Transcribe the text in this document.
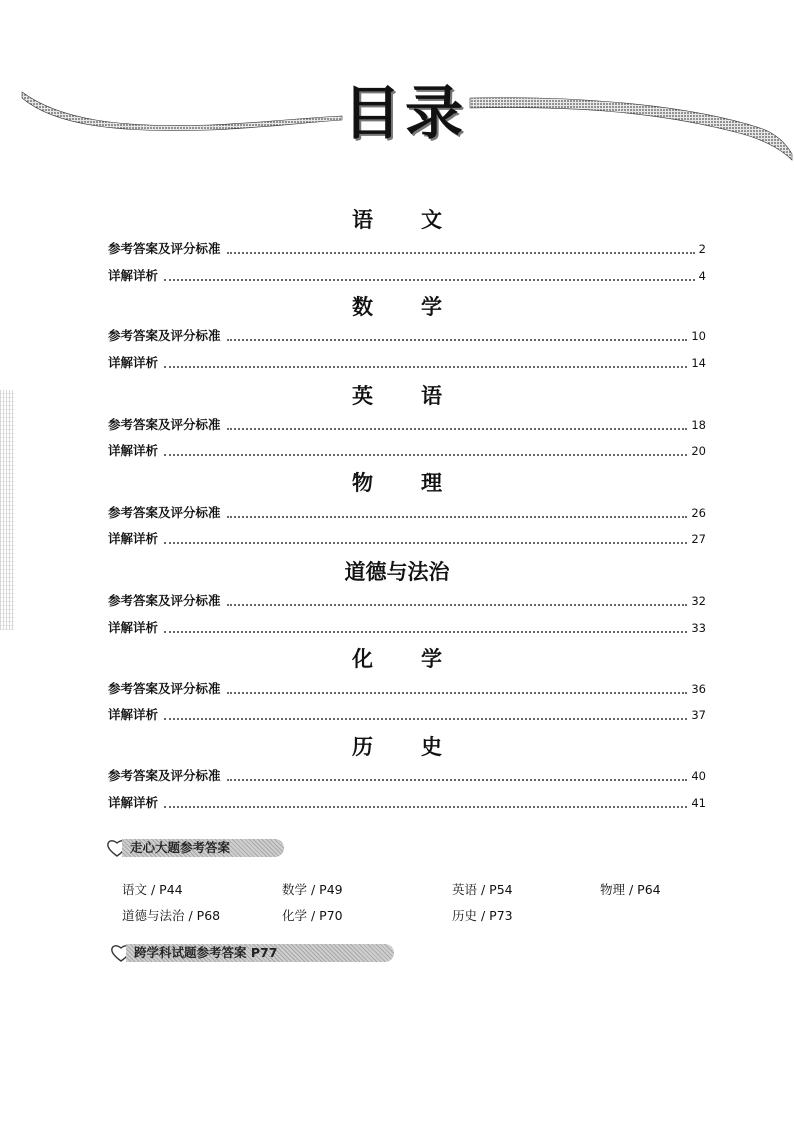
目录
语 文
参考答案及评分标准	2
详解详析	4
数 学
参考答案及评分标准	10
详解详析	14
英 语
参考答案及评分标准	18
详解详析	20
物 理
参考答案及评分标准	26
详解详析	27
道德与法治
参考答案及评分标准	32
详解详析	33
化 学
参考答案及评分标准	36
详解详析	37
历 史
参考答案及评分标准	40
详解详析	41
走心大题参考答案
语文 / P44	数学 / P49	英语 / P54	物理 / P64
道德与法治 / P68	化学 / P70	历史 / P73
跨学科试题参考答案 P77
